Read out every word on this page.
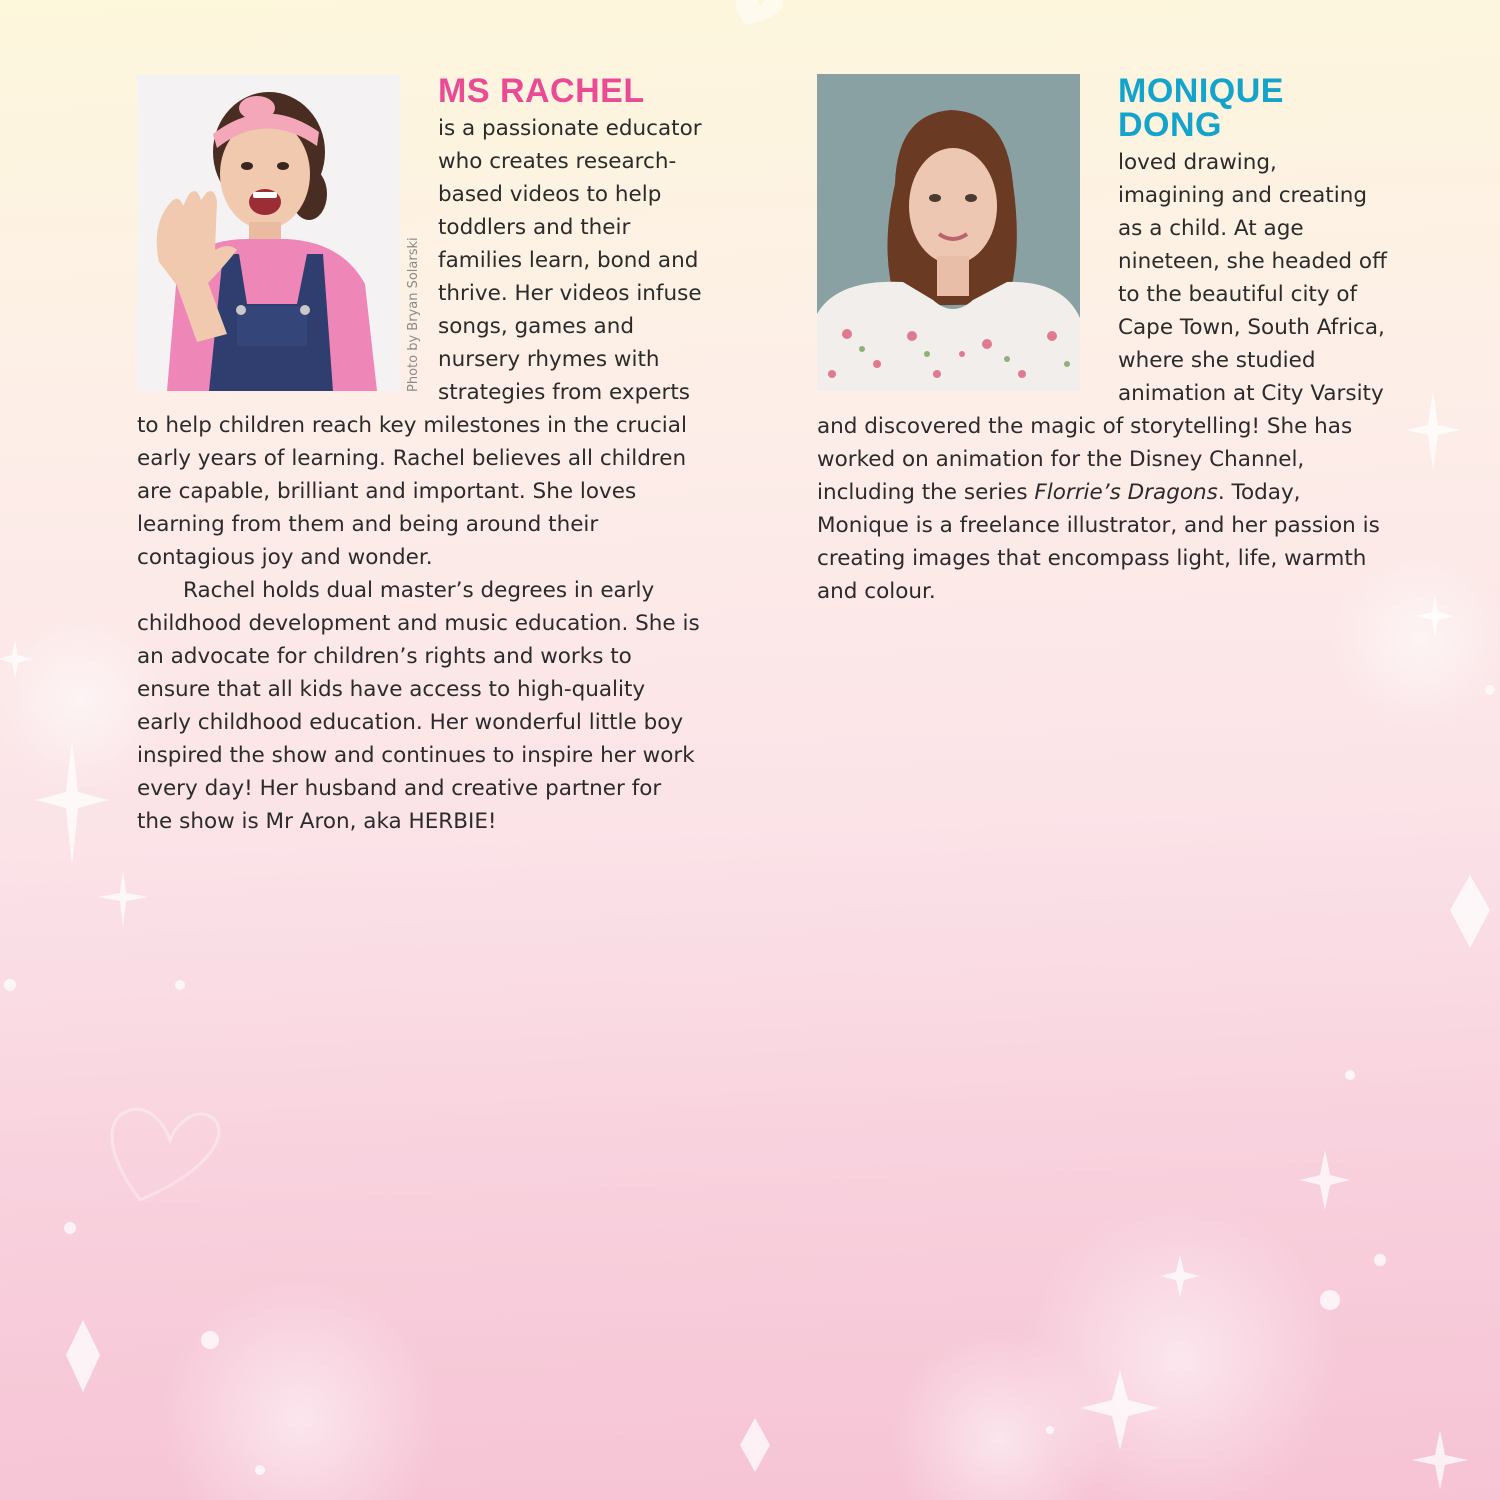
MS RACHEL

is a passionate educator who creates research-based videos to help toddlers and their families learn, bond and thrive. Her videos infuse songs, games and nursery rhymes with strategies from experts to help children reach key milestones in the crucial early years of learning. Rachel believes all children are capable, brilliant and important. She loves learning from them and being around their contagious joy and wonder.

Rachel holds dual master’s degrees in early childhood development and music education. She is an advocate for children’s rights and works to ensure that all kids have access to high-quality early childhood education. Her wonderful little boy inspired the show and continues to inspire her work every day! Her husband and creative partner for the show is Mr Aron, aka HERBIE!

Photo by Bryan Solarski
MONIQUE DONG

loved drawing, imagining and creating as a child. At age nineteen, she headed off to the beautiful city of Cape Town, South Africa, where she studied animation at City Varsity and discovered the magic of storytelling! She has worked on animation for the Disney Channel, including the series Florrie’s Dragons. Today, Monique is a freelance illustrator, and her passion is creating images that encompass light, life, warmth and colour.
